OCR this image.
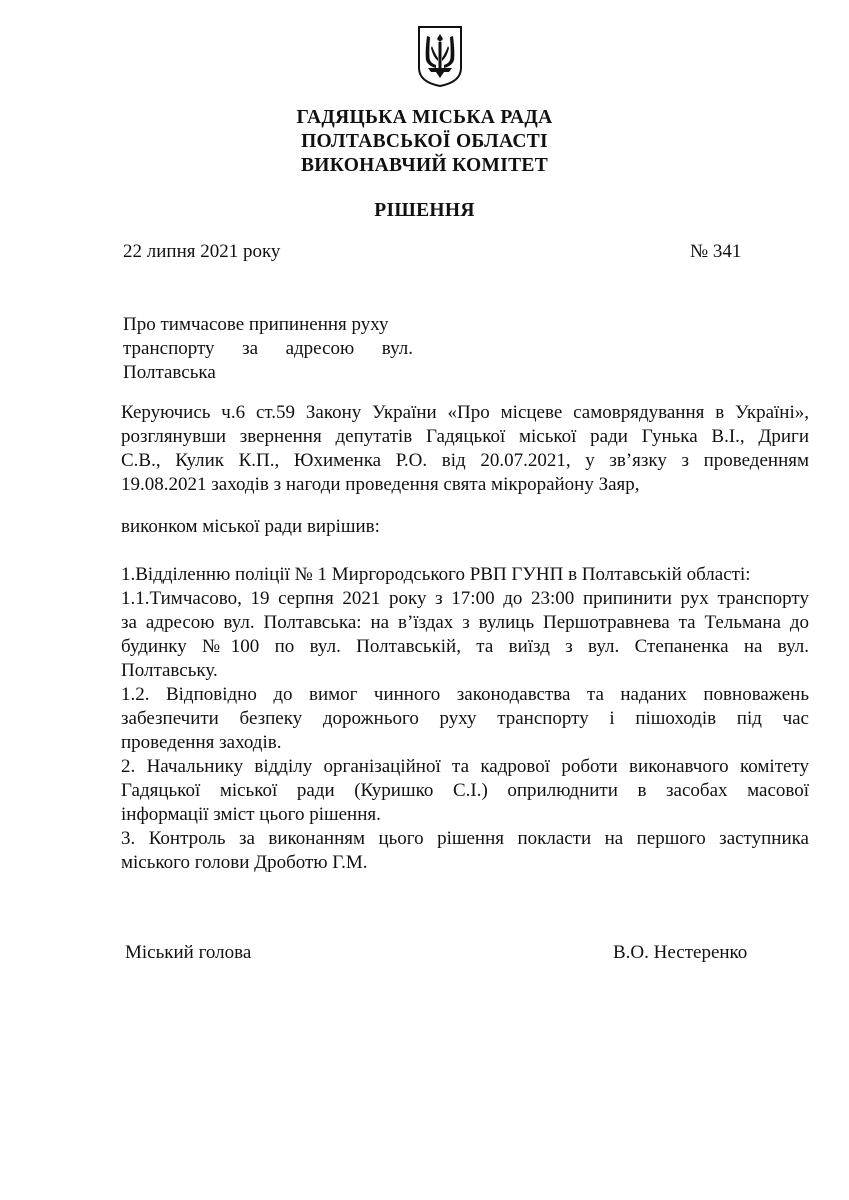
ГАДЯЦЬКА МІСЬКА РАДА
ПОЛТАВСЬКОЇ ОБЛАСТІ
ВИКОНАВЧИЙ КОМІТЕТ
РІШЕННЯ

22 липня 2021 року	№ 341

Про тимчасове припинення руху
транспорту за адресою вул.
Полтавська
Керуючись ч.6 ст.59 Закону України «Про місцеве самоврядування в Україні»,
розглянувши звернення депутатів Гадяцької міської ради Гунька В.І., Дриги
С.В., Кулик К.П., Юхименка Р.О. від 20.07.2021, у зв’язку з проведенням
19.08.2021 заходів з нагоди проведення свята мікрорайону Заяр,

виконком міської ради вирішив:

1.Відділенню поліції № 1 Миргородського РВП ГУНП в Полтавській області:
1.1.Тимчасово, 19 серпня 2021 року з 17:00 до 23:00 припинити рух транспорту
за адресою вул. Полтавська: на в’їздах з вулиць Першотравнева та Тельмана до
будинку №100 по вул. Полтавській, та виїзд з вул. Степаненка на вул.
Полтавську.
1.2. Відповідно до вимог чинного законодавства та наданих повноважень
забезпечити безпеку дорожнього руху транспорту і пішоходів під час
проведення заходів.
2. Начальнику відділу організаційної та кадрової роботи виконавчого комітету
Гадяцької міської ради (Куришко С.І.) оприлюднити в засобах масової
інформації зміст цього рішення.
3. Контроль за виконанням цього рішення покласти на першого заступника
міського голови Дроботю Г.М.

Міський голова	В.О. Нестеренко
